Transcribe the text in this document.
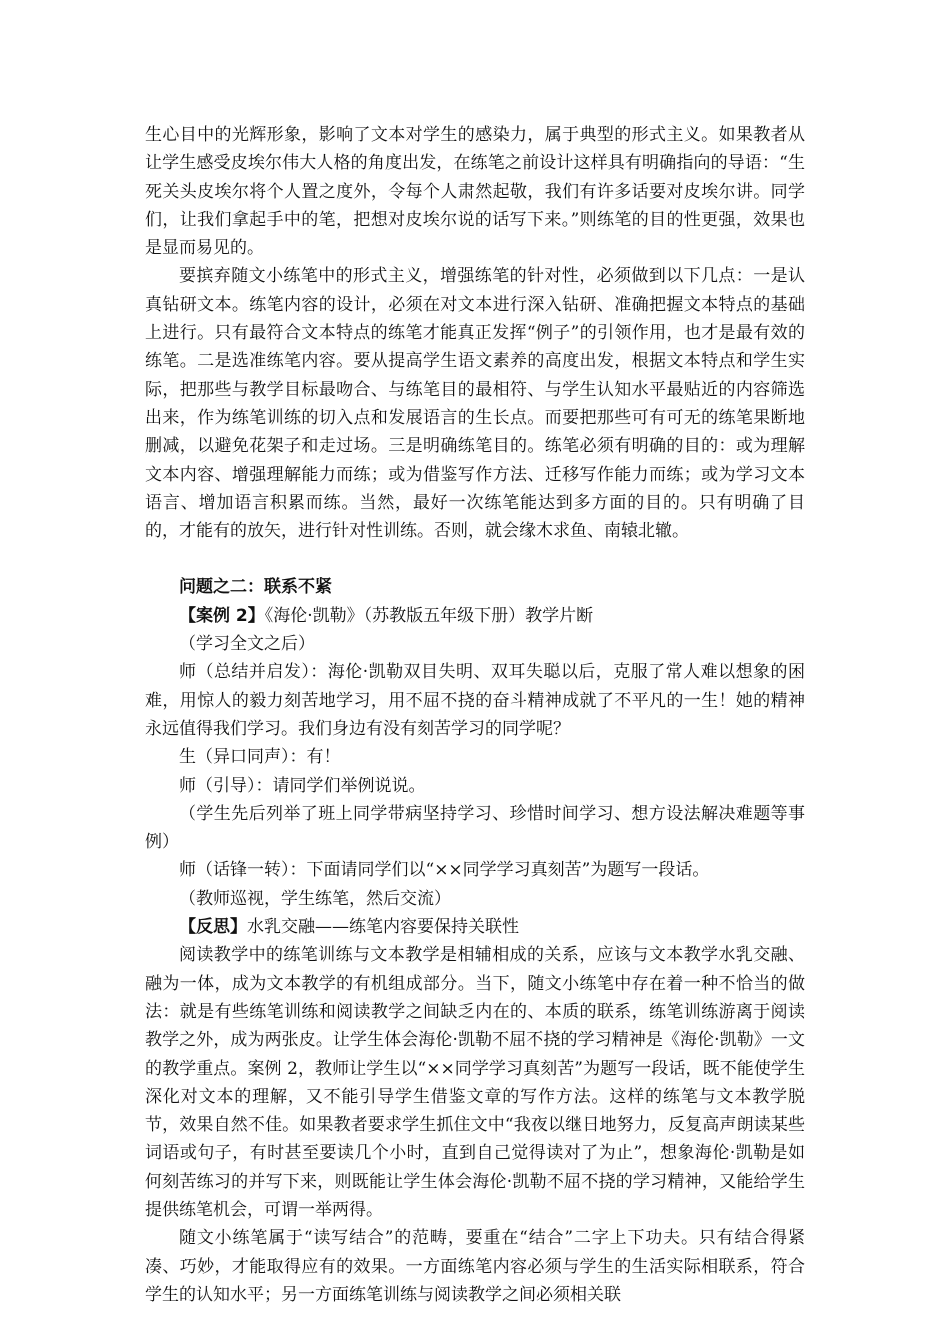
生心目中的光辉形象，影响了文本对学生的感染力，属于典型的形式主义。如果教者从让学生感受皮埃尔伟大人格的角度出发，在练笔之前设计这样具有明确指向的导语：“生死关头皮埃尔将个人置之度外，令每个人肃然起敬，我们有许多话要对皮埃尔讲。同学们，让我们拿起手中的笔，把想对皮埃尔说的话写下来。”则练笔的目的性更强，效果也是显而易见的。

要摈弃随文小练笔中的形式主义，增强练笔的针对性，必须做到以下几点：一是认真钻研文本。练笔内容的设计，必须在对文本进行深入钻研、准确把握文本特点的基础上进行。只有最符合文本特点的练笔才能真正发挥“例子”的引领作用，也才是最有效的练笔。二是选准练笔内容。要从提高学生语文素养的高度出发，根据文本特点和学生实际，把那些与教学目标最吻合、与练笔目的最相符、与学生认知水平最贴近的内容筛选出来，作为练笔训练的切入点和发展语言的生长点。而要把那些可有可无的练笔果断地删减，以避免花架子和走过场。三是明确练笔目的。练笔必须有明确的目的：或为理解文本内容、增强理解能力而练；或为借鉴写作方法、迁移写作能力而练；或为学习文本语言、增加语言积累而练。当然，最好一次练笔能达到多方面的目的。只有明确了目的，才能有的放矢，进行针对性训练。否则，就会缘木求鱼、南辕北辙。

问题之二：联系不紧

【案例 2】《海伦·凯勒》（苏教版五年级下册）教学片断

（学习全文之后）

师（总结并启发）：海伦·凯勒双目失明、双耳失聪以后，克服了常人难以想象的困难，用惊人的毅力刻苦地学习，用不屈不挠的奋斗精神成就了不平凡的一生！她的精神永远值得我们学习。我们身边有没有刻苦学习的同学呢？

生（异口同声）：有！

师（引导）：请同学们举例说说。

（学生先后列举了班上同学带病坚持学习、珍惜时间学习、想方设法解决难题等事例）

师（话锋一转）：下面请同学们以“××同学学习真刻苦”为题写一段话。

（教师巡视，学生练笔，然后交流）

【反思】水乳交融——练笔内容要保持关联性

阅读教学中的练笔训练与文本教学是相辅相成的关系，应该与文本教学水乳交融、融为一体，成为文本教学的有机组成部分。当下，随文小练笔中存在着一种不恰当的做法：就是有些练笔训练和阅读教学之间缺乏内在的、本质的联系，练笔训练游离于阅读教学之外，成为两张皮。让学生体会海伦·凯勒不屈不挠的学习精神是《海伦·凯勒》一文的教学重点。案例 2，教师让学生以“××同学学习真刻苦”为题写一段话，既不能使学生深化对文本的理解，又不能引导学生借鉴文章的写作方法。这样的练笔与文本教学脱节，效果自然不佳。如果教者要求学生抓住文中“我夜以继日地努力，反复高声朗读某些词语或句子，有时甚至要读几个小时，直到自己觉得读对了为止”，想象海伦·凯勒是如何刻苦练习的并写下来，则既能让学生体会海伦·凯勒不屈不挠的学习精神，又能给学生提供练笔机会，可谓一举两得。

随文小练笔属于“读写结合”的范畴，要重在“结合”二字上下功夫。只有结合得紧凑、巧妙，才能取得应有的效果。一方面练笔内容必须与学生的生活实际相联系，符合学生的认知水平；另一方面练笔训练与阅读教学之间必须相关联
